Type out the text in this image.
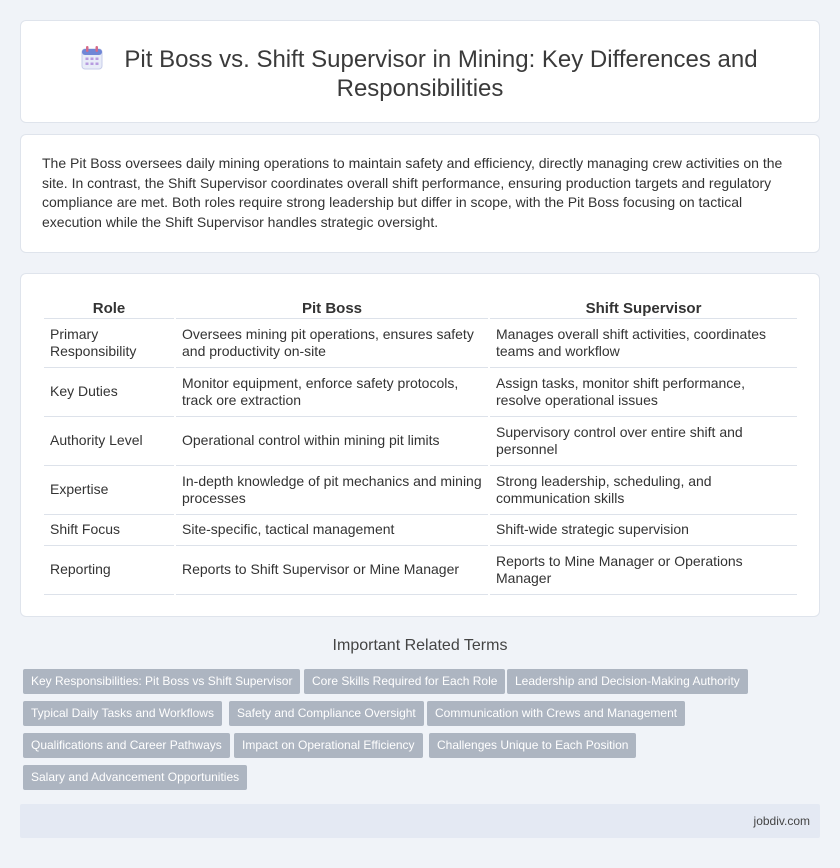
Pit Boss vs. Shift Supervisor in Mining: Key Differences and Responsibilities

The Pit Boss oversees daily mining operations to maintain safety and efficiency, directly managing crew activities on the site. In contrast, the Shift Supervisor coordinates overall shift performance, ensuring production targets and regulatory compliance are met. Both roles require strong leadership but differ in scope, with the Pit Boss focusing on tactical execution while the Shift Supervisor handles strategic oversight.

Role	Pit Boss	Shift Supervisor
Primary Responsibility	Oversees mining pit operations, ensures safety and productivity on-site	Manages overall shift activities, coordinates teams and workflow
Key Duties	Monitor equipment, enforce safety protocols, track ore extraction	Assign tasks, monitor shift performance, resolve operational issues
Authority Level	Operational control within mining pit limits	Supervisory control over entire shift and personnel
Expertise	In-depth knowledge of pit mechanics and mining processes	Strong leadership, scheduling, and communication skills
Shift Focus	Site-specific, tactical management	Shift-wide strategic supervision
Reporting	Reports to Shift Supervisor or Mine Manager	Reports to Mine Manager or Operations Manager
Important Related Terms
Key Responsibilities: Pit Boss vs Shift Supervisor	Core Skills Required for Each Role	Leadership and Decision-Making Authority
Typical Daily Tasks and Workflows	Safety and Compliance Oversight	Communication with Crews and Management
Qualifications and Career Pathways	Impact on Operational Efficiency	Challenges Unique to Each Position
Salary and Advancement Opportunities
jobdiv.com
